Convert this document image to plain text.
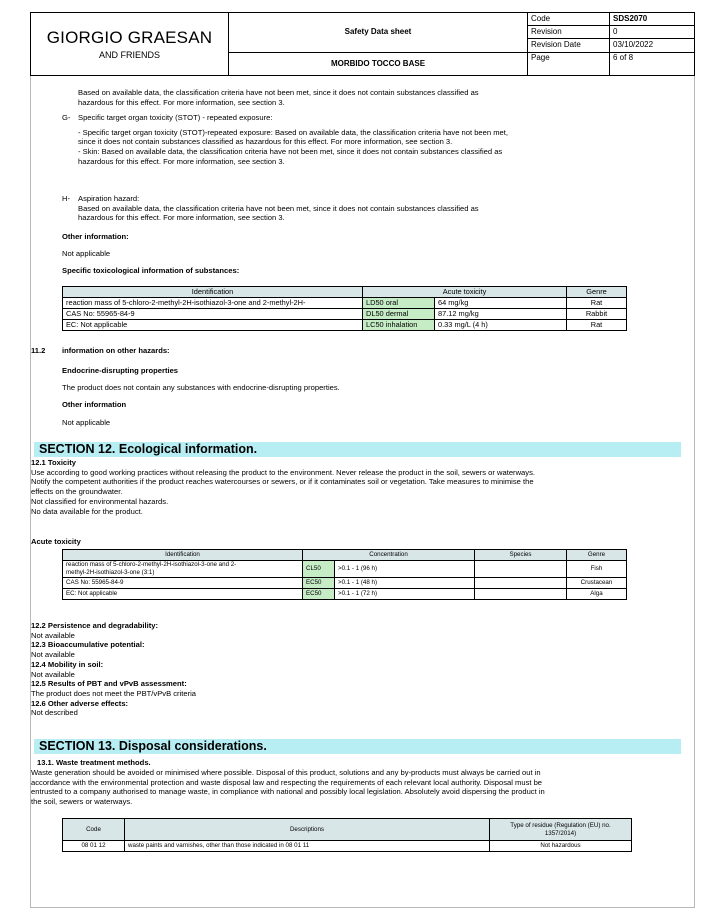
GIORGIO GRAESAN
AND FRIENDS	Safety Data sheet	Code	SDS2070
		Revision	0
		Revision Date	03/10/2022
	MORBIDO TOCCO BASE	Page	6 of 8
Based on available data, the classification criteria have not been met, since it does not contain substances classified as
hazardous for this effect. For more information, see section 3.
G- Specific target organ toxicity (STOT) - repeated exposure:
- Specific target organ toxicity (STOT)-repeated exposure: Based on available data, the classification criteria have not been met,
since it does not contain substances classified as hazardous for this effect. For more information, see section 3.
- Skin: Based on available data, the classification criteria have not been met, since it does not contain substances classified as
hazardous for this effect. For more information, see section 3.
H- Aspiration hazard:
Based on available data, the classification criteria have not been met, since it does not contain substances classified as
hazardous for this effect. For more information, see section 3.
Other information:
Not applicable
Specific toxicological information of substances:
Identification	Acute toxicity		Genre
reaction mass of 5-chloro-2-methyl-2H-isothiazol-3-one and 2-methyl-2H-	LD50 oral	64 mg/kg	Rat
CAS No: 55965-84-9	DL50 dermal	87.12 mg/kg	Rabbit
EC: Not applicable	LC50 inhalation	0.33 mg/L (4 h)	Rat
11.2 information on other hazards:
Endocrine-disrupting properties
The product does not contain any substances with endocrine-disrupting properties.
Other information
Not applicable
SECTION 12. Ecological information.
12.1 Toxicity
Use according to good working practices without releasing the product to the environment. Never release the product in the soil, sewers or waterways.
Notify the competent authorities if the product reaches watercourses or sewers, or if it contaminates soil or vegetation. Take measures to minimise the
effects on the groundwater.
Not classified for environmental hazards.
No data available for the product.
Acute toxicity
Identification	Concentration		Species	Genre

reaction mass of 5-chloro-2-methyl-2H-isothiazol-3-one and 2-
methyl-2H-isothiazol-3-one (3:1)	CL50	>0.1 - 1 (96 h)		Fish
CAS No: 55965-84-9	EC50	>0.1 - 1 (48 h)		Crustacean
EC: Not applicable	EC50	>0.1 - 1 (72 h)		Alga
12.2 Persistence and degradability:
Not available
12.3 Bioaccumulative potential:
Not available
12.4 Mobility in soil:
Not available
12.5 Results of PBT and vPvB assessment:
The product does not meet the PBT/vPvB criteria
12.6 Other adverse effects:
Not described
SECTION 13. Disposal considerations.
13.1. Waste treatment methods.
Waste generation should be avoided or minimised where possible. Disposal of this product, solutions and any by-products must always be carried out in
accordance with the environmental protection and waste disposal law and respecting the requirements of each relevant local authority. Disposal must be
entrusted to a company authorised to manage waste, in compliance with national and possibly local legislation. Absolutely avoid dispersing the product in
the soil, sewers or waterways.
Code	Descriptions	Type of residue (Regulation (EU) no.
1357/2014)

08 01 12	waste paints and varnishes, other than those indicated in 08 01 11	Not hazardous
